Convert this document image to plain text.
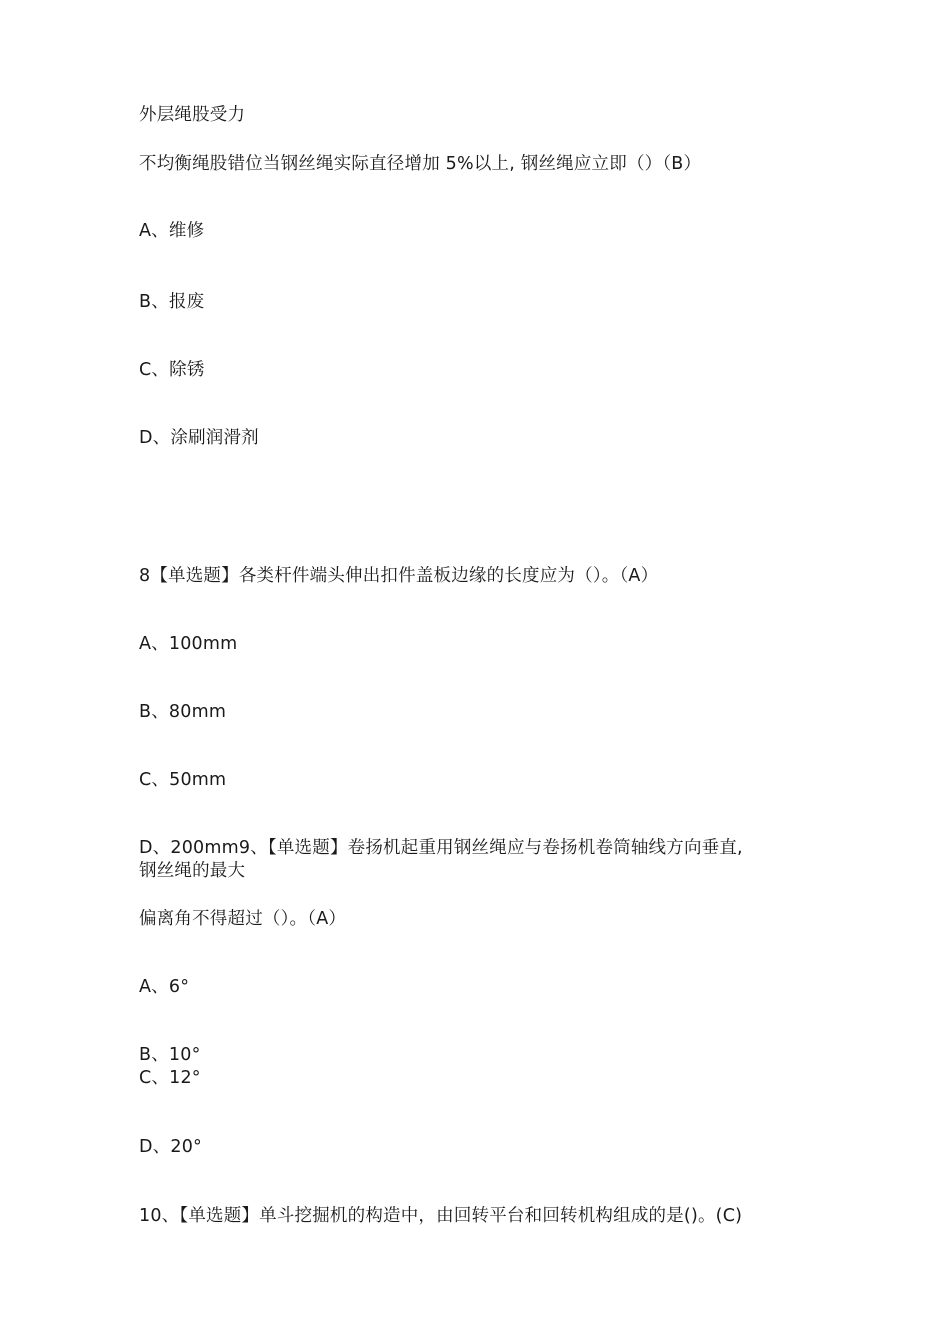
外层绳股受力
不均衡绳股错位当钢丝绳实际直径增加 5%以上, 钢丝绳应立即（）（B）
A、维修
B、报废
C、除锈
D、涂刷润滑剂
8【单选题】各类杆件端头伸出扣件盖板边缘的长度应为（）。（A）
A、100mm
B、80mm
C、50mm
D、200mm9、【单选题】卷扬机起重用钢丝绳应与卷扬机卷筒轴线方向垂直,
钢丝绳的最大
偏离角不得超过（）。（A）
A、6°
B、10°
C、12°
D、20°
10、【单选题】单斗挖掘机的构造中，由回转平台和回转机构组成的是()。(C)
